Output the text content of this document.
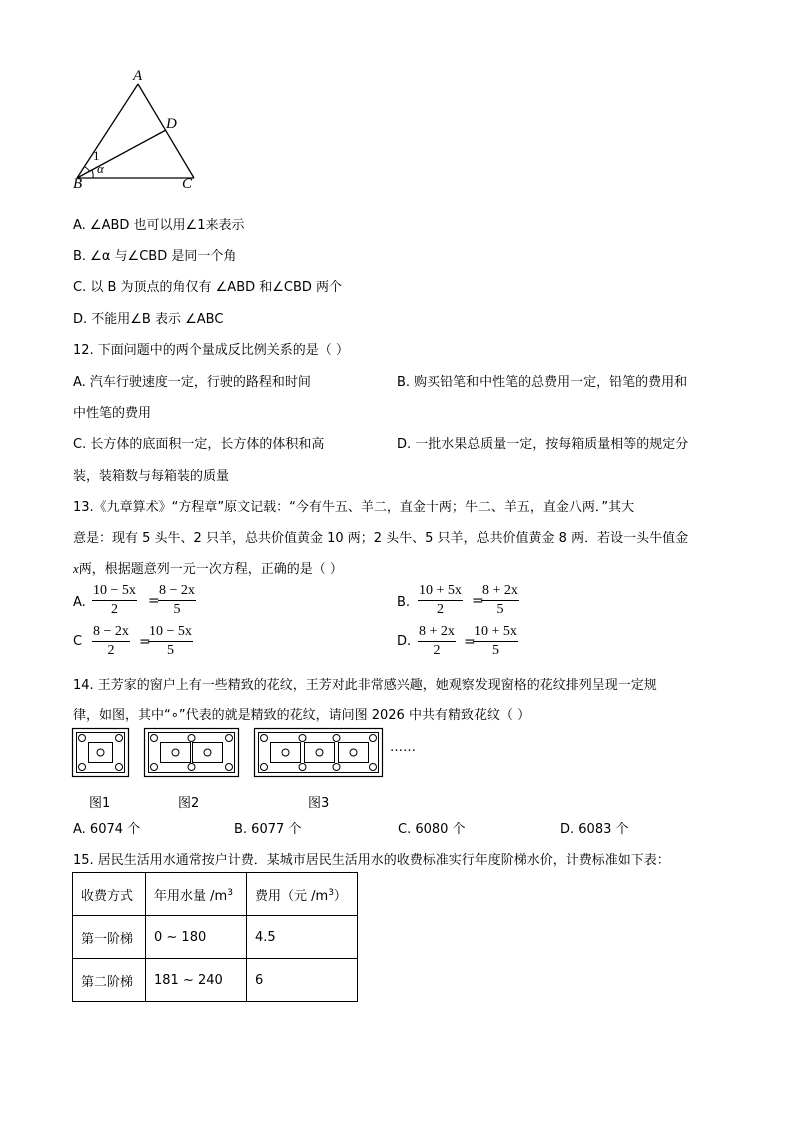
A
D
B	C
1
α
A. ∠ABD 也可以用∠1来表示
B. ∠α 与∠CBD 是同一个角
C. 以 B 为顶点的角仅有 ∠ABD 和∠CBD 两个
D. 不能用∠B 表示 ∠ABC
12. 下面问题中的两个量成反比例关系的是（ ）
A. 汽车行驶速度一定，行驶的路程和时间	B. 购买铅笔和中性笔的总费用一定，铅笔的费用和
中性笔的费用
C. 长方体的底面积一定，长方体的体积和高	D. 一批水果总质量一定，按每箱质量相等的规定分
装，装箱数与每箱装的质量
13.《九章算术》“方程章”原文记载：“今有牛五、羊二，直金十两；牛二、羊五，直金八两．”其大
意是：现有 5 头牛、2 只羊，总共价值黄金 10 两；2 头牛、5 只羊，总共价值黄金 8 两．若设一头牛值金
x两，根据题意列一元一次方程，正确的是（ ）
A. $\frac{10 - 5x}{2}$ =
$\frac{8 - 2x}{5}$	B. $\frac{10 + 5x}{2}$ =
$\frac{8 + 2x}{5}$
C $\frac{8 - 2x}{2}$ =
$\frac{10 - 5x}{5}$	D. $\frac{8 + 2x}{2}$ =
$\frac{10 + 5x}{5}$
14. 王芳家的窗户上有一些精致的花纹，王芳对此非常感兴趣，她观察发现窗格的花纹排列呈现一定规
律，如图，其中“∘”代表的就是精致的花纹，请问图 2026 中共有精致花纹（ ）
……
图1	图2	图3
A. 6074 个	B. 6077 个	C. 6080 个	D. 6083 个
15. 居民生活用水通常按户计费．某城市居民生活用水的收费标准实行年度阶梯水价，计费标准如下表：
收费方式	年用水量 $/m^3$	费用（元 $/m^3$）
第一阶梯	0 ~ 180	4.5
第二阶梯	181 ~ 240	6
